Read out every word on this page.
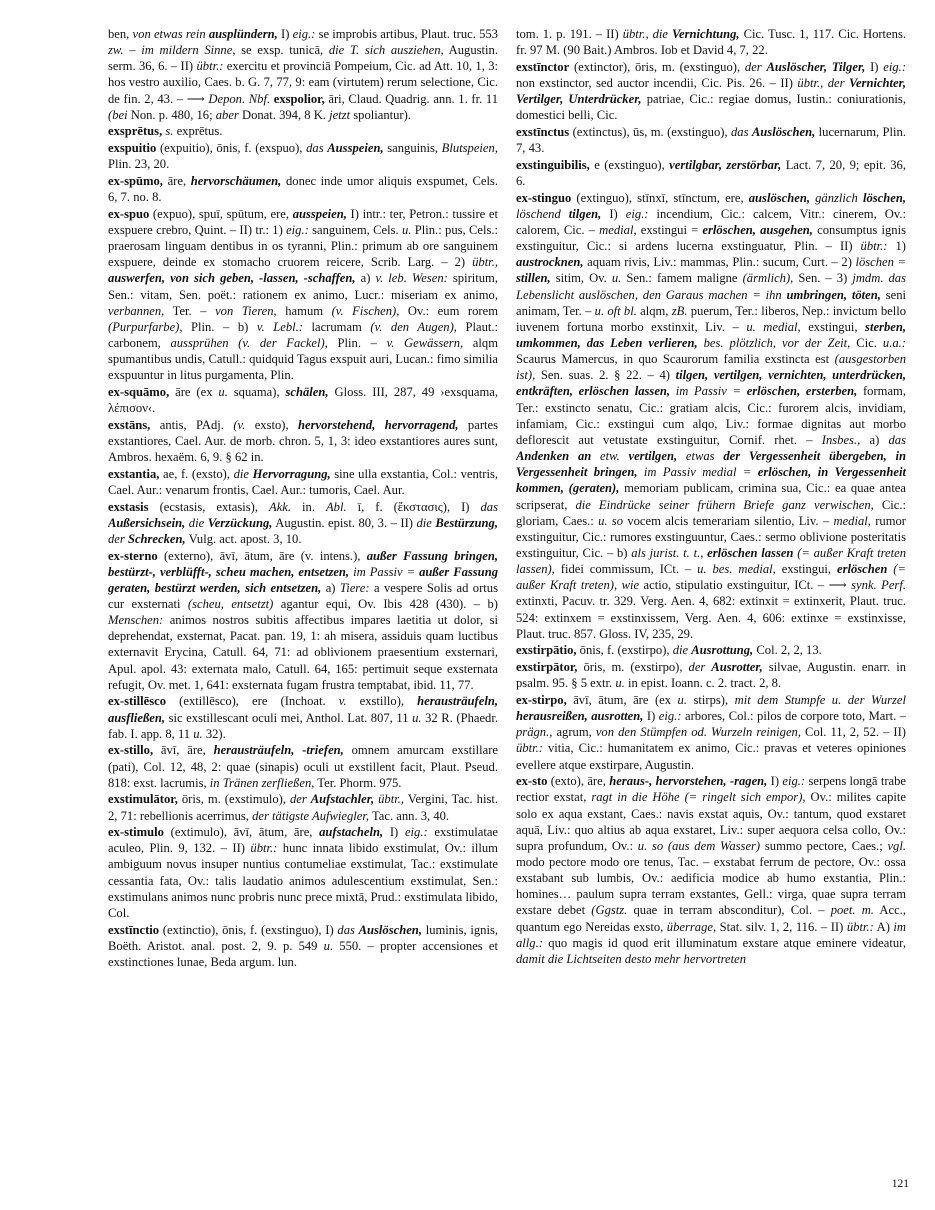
ben, von etwas rein ausplündern, I) eig.: se improbis artibus, Plaut. truc. 553 zw. – im mildern Sinne, se exsp. tunicā, die T. sich ausziehen, Augustin. serm. 36, 6. – II) übtr.: exercitu et provinciā Pompeium, Cic. ad Att. 10, 1, 3: hos vestro auxilio, Caes. b. G. 7, 77, 9: eam (virtutem) rerum selectione, Cic. de fin. 2, 43. – ⟶ Depon. Nbf. exspolior, āri, Claud. Quadrig. ann. 1. fr. 11 (bei Non. p. 480, 16; aber Donat. 394, 8 K. jetzt spoliantur).

exsprētus, s. exprētus.

exspuitio (expuitio), ōnis, f. (exspuo), das Ausspeien, sanguinis, Blutspeien, Plin. 23, 20.

ex-spūmo, āre, hervorschäumen, donec inde umor aliquis exspumet, Cels. 6, 7. no. 8.

ex-spuo (expuo), spuī, spūtum, ere, ausspeien, I) intr.: ter, Petron.: tussire et exspuere crebro, Quint. – II) tr.: 1) eig.: sanguinem, Cels. u. Plin.: pus, Cels.: praerosam linguam dentibus in os tyranni, Plin.: primum ab ore sanguinem exspuere, deinde ex stomacho cruorem reicere, Scrib. Larg. – 2) übtr., auswerfen, von sich geben, -lassen, -schaffen, a) v. leb. Wesen: spiritum, Sen.: vitam, Sen. poët.: rationem ex animo, Lucr.: miseriam ex animo, verbannen, Ter. – von Tieren, hamum (v. Fischen), Ov.: eum rorem (Purpurfarbe), Plin. – b) v. Lebl.: lacrumam (v. den Augen), Plaut.: carbonem, aussprühen (v. der Fackel), Plin. – v. Gewässern, alqm spumantibus undis, Catull.: quidquid Tagus exspuit auri, Lucan.: fimo similia exspuuntur in litus purgamenta, Plin.

ex-squāmo, āre (ex u. squama), schälen, Gloss. III, 287, 49 ›exsquama, λέπισον‹.

exstāns, antis, PAdj. (v. exsto), hervorstehend, hervorragend, partes exstantiores, Cael. Aur. de morb. chron. 5, 1, 3: ideo exstantiores aures sunt, Ambros. hexaëm. 6, 9. § 62 in.

exstantia, ae, f. (exsto), die Hervorragung, sine ulla exstantia, Col.: ventris, Cael. Aur.: venarum frontis, Cael. Aur.: tumoris, Cael. Aur.

exstasis (ecstasis, extasis), Akk. in. Abl. ī, f. (ἔκστασις), I) das Außersichsein, die Verzückung, Augustin. epist. 80, 3. – II) die Bestürzung, der Schrecken, Vulg. act. apost. 3, 10.

ex-sterno (externo), āvī, ātum, āre (v. intens.), außer Fassung bringen, bestürzt-, verblüfft-, scheu machen, entsetzen, im Passiv = außer Fassung geraten, bestürzt werden, sich entsetzen, a) Tiere: a vespere Solis ad ortus cur exsternati (scheu, entsetzt) agantur equi, Ov. Ibis 428 (430). – b) Menschen: animos nostros subitis affectibus impares laetitia ut dolor, si deprehendat, exsternat, Pacat. pan. 19, 1: ah misera, assiduis quam luctibus externavit Erycina, Catull. 64, 71: ad oblivionem praesentium exsternari, Apul. apol. 43: externata malo, Catull. 64, 165: pertimuit seque exsternata refugit, Ov. met. 1, 641: exsternata fugam frustra temptabat, ibid. 11, 77.

ex-stillēsco (extillēsco), ere (Inchoat. v. exstillo), herausträufeln, ausfließen, sic exstillescant oculi mei, Anthol. Lat. 807, 11 u. 32 R. (Phaedr. fab. I. app. 8, 11 u. 32).

ex-stillo, āvī, āre, herausträufeln, -triefen, omnem amurcam exstillare (pati), Col. 12, 48, 2: quae (sinapis) oculi ut exstillent facit, Plaut. Pseud. 818: exst. lacrumis, in Tränen zerfließen, Ter. Phorm. 975.

exstimulātor, ōris, m. (exstimulo), der Aufstachler, übtr., Vergini, Tac. hist. 2, 71: rebellionis acerrimus, der tätigste Aufwiegler, Tac. ann. 3, 40.

ex-stimulo (extimulo), āvī, ātum, āre, aufstacheln, I) eig.: exstimulatae aculeo, Plin. 9, 132. – II) übtr.: hunc innata libido exstimulat, Ov.: illum ambiguum novus insuper nuntius contumeliae exstimulat, Tac.: exstimulate cessantia fata, Ov.: talis laudatio animos adulescentium exstimulat, Sen.: exstimulans animos nunc probris nunc prece mixtā, Prud.: exstimulata libido, Col.

exstīnctio (extinctio), ōnis, f. (exstinguo), I) das Auslöschen, luminis, ignis, Boëth. Aristot. anal. post. 2, 9. p. 549 u. 550. – propter accensiones et exstinctiones lunae, Beda argum. lun.

tom. 1. p. 191. – II) übtr., die Vernichtung, Cic. Tusc. 1, 117. Cic. Hortens. fr. 97 M. (90 Bait.) Ambros. Iob et David 4, 7, 22.

exstīnctor (extinctor), ōris, m. (exstinguo), der Auslöscher, Tilger, I) eig.: non exstinctor, sed auctor incendii, Cic. Pis. 26. – II) übtr., der Vernichter, Vertilger, Unterdrücker, patriae, Cic.: regiae domus, Iustin.: coniurationis, domestici belli, Cic.

exstīnctus (extinctus), ūs, m. (exstinguo), das Auslöschen, lucernarum, Plin. 7, 43.

exstinguibilis, e (exstinguo), vertilgbar, zerstörbar, Lact. 7, 20, 9; epit. 36, 6.

ex-stinguo (extinguo), stīnxī, stīnctum, ere, auslöschen, gänzlich löschen, löschend tilgen, I) eig.: incendium, Cic.: calcem, Vitr.: cinerem, Ov.: calorem, Cic. – medial, exstingui = erlöschen, ausgehen, consumptus ignis exstinguitur, Cic.: si ardens lucerna exstinguatur, Plin. – II) übtr.: 1) austrocknen, aquam rivis, Liv.: mammas, Plin.: sucum, Curt. – 2) löschen = stillen, sitim, Ov. u. Sen.: famem maligne (ärmlich), Sen. – 3) jmdm. das Lebenslicht auslöschen, den Garaus machen = ihn umbringen, töten, seni animam, Ter. – u. oft bl. alqm, zB. puerum, Ter.: liberos, Nep.: invictum bello iuvenem fortuna morbo exstinxit, Liv. – u. medial, exstingui, sterben, umkommen, das Leben verlieren, bes. plötzlich, vor der Zeit, Cic. u.a.: Scaurus Mamercus, in quo Scaurorum familia exstincta est (ausgestorben ist), Sen. suas. 2. § 22. – 4) tilgen, vertilgen, vernichten, unterdrücken, entkräften, erlöschen lassen, im Passiv = erlöschen, ersterben, formam, Ter.: exstincto senatu, Cic.: gratiam alcis, Cic.: furorem alcis, invidiam, infamiam, Cic.: exstingui cum alqo, Liv.: formae dignitas aut morbo deflorescit aut vetustate exstinguitur, Cornif. rhet. – Insbes., a) das Andenken an etw. vertilgen, etwas der Vergessenheit übergeben, in Vergessenheit bringen, im Passiv medial = erlöschen, in Vergessenheit kommen, (geraten), memoriam publicam, crimina sua, Cic.: ea quae antea scripserat, die Eindrücke seiner frühern Briefe ganz verwischen, Cic.: gloriam, Caes.: u. so vocem alcis temerariam silentio, Liv. – medial, rumor exstinguitur, Cic.: rumores exstinguuntur, Caes.: sermo oblivione posteritatis exstinguitur, Cic. – b) als jurist. t. t., erlöschen lassen (= außer Kraft treten lassen), fidei commissum, ICt. – u. bes. medial, exstingui, erlöschen (= außer Kraft treten), wie actio, stipulatio exstinguitur, ICt. – ⟶ synk. Perf. extinxti, Pacuv. tr. 329. Verg. Aen. 4, 682: extinxit = extinxerit, Plaut. truc. 524: extinxem = exstinxissem, Verg. Aen. 4, 606: extinxe = exstinxisse, Plaut. truc. 857. Gloss. IV, 235, 29.

exstirpātio, ōnis, f. (exstirpo), die Ausrottung, Col. 2, 2, 13.

exstirpātor, ōris, m. (exstirpo), der Ausrotter, silvae, Augustin. enarr. in psalm. 95. § 5 extr. u. in epist. Ioann. c. 2. tract. 2, 8.

ex-stirpo, āvī, ātum, āre (ex u. stirps), mit dem Stumpfe u. der Wurzel herausreißen, ausrotten, I) eig.: arbores, Col.: pilos de corpore toto, Mart. – prägn., agrum, von den Stümpfen od. Wurzeln reinigen, Col. 11, 2, 52. – II) übtr.: vitia, Cic.: humanitatem ex animo, Cic.: pravas et veteres opiniones evellere atque exstirpare, Augustin.

ex-sto (exto), āre, heraus-, hervorstehen, -ragen, I) eig.: serpens longā trabe rectior exstat, ragt in die Höhe (= ringelt sich empor), Ov.: milites capite solo ex aqua exstant, Caes.: navis exstat aquis, Ov.: tantum, quod exstaret aquā, Liv.: quo altius ab aqua exstaret, Liv.: super aequora celsa collo, Ov.: supra profundum, Ov.: u. so (aus dem Wasser) summo pectore, Caes.; vgl. modo pectore modo ore tenus, Tac. – exstabat ferrum de pectore, Ov.: ossa exstabant sub lumbis, Ov.: aedificia modice ab humo exstantia, Plin.: homines… paulum supra terram exstantes, Gell.: virga, quae supra terram exstare debet (Ggstz. quae in terram absconditur), Col. – poet. m. Acc., quantum ego Nereidas exsto, überrage, Stat. silv. 1, 2, 116. – II) übtr.: A) im allg.: quo magis id quod erit illuminatum exstare atque eminere videatur, damit die Lichtseiten desto mehr hervortreten

121
